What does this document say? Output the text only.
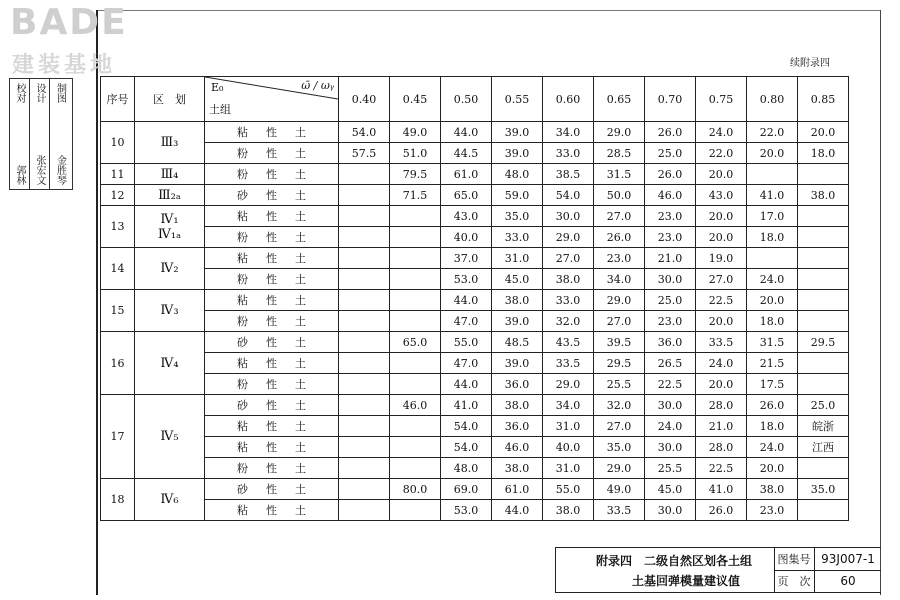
BADE
建装基地
校对
郭林
设计
张宏文
制图
金胜琴
续附录四
序号	区　划	E₀ ω̄ / ωᵧ
土组	0.40	0.45	0.50	0.55	0.60	0.65	0.70	0.75	0.80	0.85
10	Ⅲ₃	粘性土	54.0	49.0	44.0	39.0	34.0	29.0	26.0	24.0	22.0	20.0
		粉性土	57.5	51.0	44.5	39.0	33.0	28.5	25.0	22.0	20.0	18.0
11	Ⅲ₄	粉性土		79.5	61.0	48.0	38.5	31.5	26.0	20.0		
12	Ⅲ₂ₐ	砂性土		71.5	65.0	59.0	54.0	50.0	46.0	43.0	41.0	38.0
13	Ⅳ₁
Ⅳ₁ₐ	粘性土			43.0	35.0	30.0	27.0	23.0	20.0	17.0	
		粉性土			40.0	33.0	29.0	26.0	23.0	20.0	18.0	
14	Ⅳ₂	粘性土			37.0	31.0	27.0	23.0	21.0	19.0		
		粉性土			53.0	45.0	38.0	34.0	30.0	27.0	24.0	
15	Ⅳ₃	粘性土			44.0	38.0	33.0	29.0	25.0	22.5	20.0	
		粉性土			47.0	39.0	32.0	27.0	23.0	20.0	18.0	
16	Ⅳ₄	砂性土		65.0	55.0	48.5	43.5	39.5	36.0	33.5	31.5	29.5
		粘性土			47.0	39.0	33.5	29.5	26.5	24.0	21.5	
		粉性土			44.0	36.0	29.0	25.5	22.5	20.0	17.5	
17	Ⅳ₅	砂性土		46.0	41.0	38.0	34.0	32.0	30.0	28.0	26.0	25.0
		粘性土			54.0	36.0	31.0	27.0	24.0	21.0	18.0	皖浙
		粘性土			54.0	46.0	40.0	35.0	30.0	28.0	24.0	江西
		粉性土			48.0	38.0	31.0	29.0	25.5	22.5	20.0	
18	Ⅳ₆	砂性土		80.0	69.0	61.0	55.0	49.0	45.0	41.0	38.0	35.0
		粘性土			53.0	44.0	38.0	33.5	30.0	26.0	23.0	
附录四　二级自然区划各土组
土基回弹模量建议值
图集号 93J007-1
页　次	60
